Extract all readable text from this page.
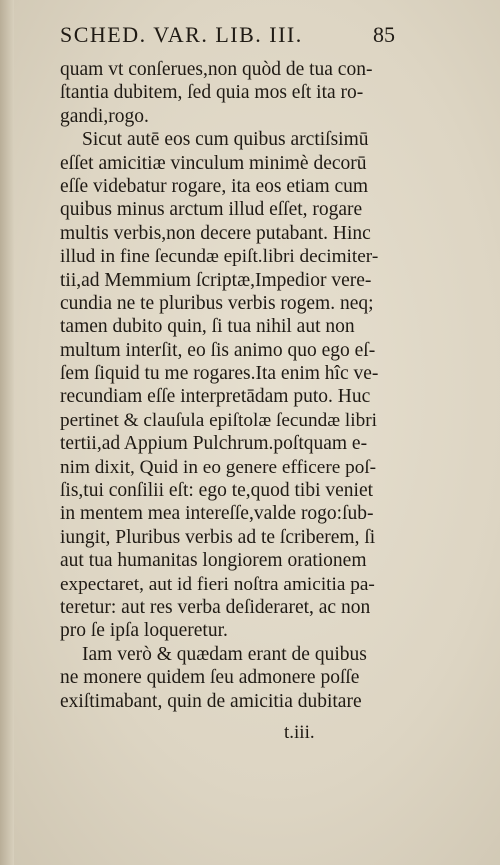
SCHED. VAR. LIB. III.	85
quam vt conſerues,non quòd de tua con-
ſtantia dubitem, ſed quia mos eſt ita ro-
gandi,rogo.
Sicut autē eos cum quibus arctiſsimū
eſſet amicitiæ vinculum minimè decorū
eſſe videbatur rogare, ita eos etiam cum
quibus minus arctum illud eſſet, rogare
multis verbis,non decere putabant. Hinc
illud in fine ſecundæ epiſt.libri decimiter-
tii,ad Memmium ſcriptæ,Impedior vere-
cundia ne te pluribus verbis rogem. neq;
tamen dubito quin, ſi tua nihil aut non
multum interſit, eo ſis animo quo ego eſ-
ſem ſiquid tu me rogares.Ita enim hîc ve-
recundiam eſſe interpretādam puto. Huc
pertinet & clauſula epiſtolæ ſecundæ libri
tertii,ad Appium Pulchrum.poſtquam e-
nim dixit, Quid in eo genere efficere poſ-
ſis,tui conſilii eſt: ego te,quod tibi veniet
in mentem mea intereſſe,valde rogo:ſub-
iungit, Pluribus verbis ad te ſcriberem, ſi
aut tua humanitas longiorem orationem
expectaret, aut id fieri noſtra amicitia pa-
teretur: aut res verba deſideraret, ac non
pro ſe ipſa loqueretur.
Iam verò & quædam erant de quibus
ne monere quidem ſeu admonere poſſe
exiſtimabant, quin de amicitia dubitare
t.iii.
